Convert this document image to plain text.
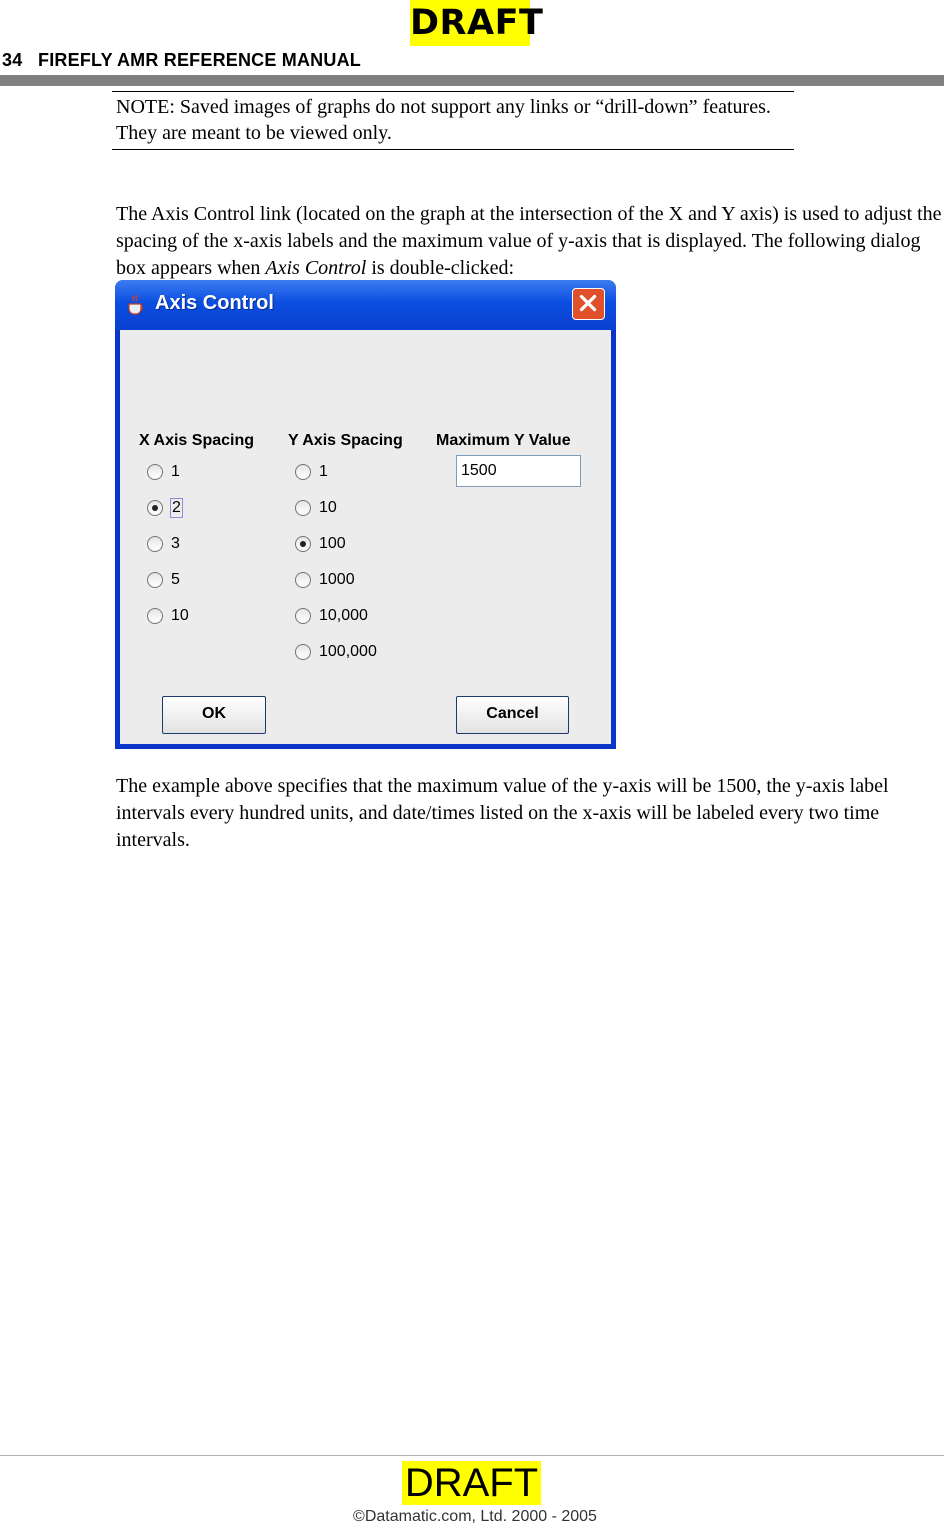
DRAFT
34 FIREFLY AMR REFERENCE MANUAL
NOTE: Saved images of graphs do not support any links or “drill-down” features. They are meant to be viewed only.
The Axis Control link (located on the graph at the intersection of the X and Y axis) is used to adjust the spacing of the x-axis labels and the maximum value of y-axis that is displayed. The following dialog box appears when Axis Control is double-clicked:
Axis Control
X Axis Spacing Y Axis Spacing Maximum Y Value
1
2
3
5
10
1
10
100
1000
10,000
100,000
1500
OK	Cancel
The example above specifies that the maximum value of the y-axis will be 1500, the y-axis label intervals every hundred units, and date/times listed on the x-axis will be labeled every two time intervals.
DRAFT
©Datamatic.com, Ltd. 2000 - 2005
